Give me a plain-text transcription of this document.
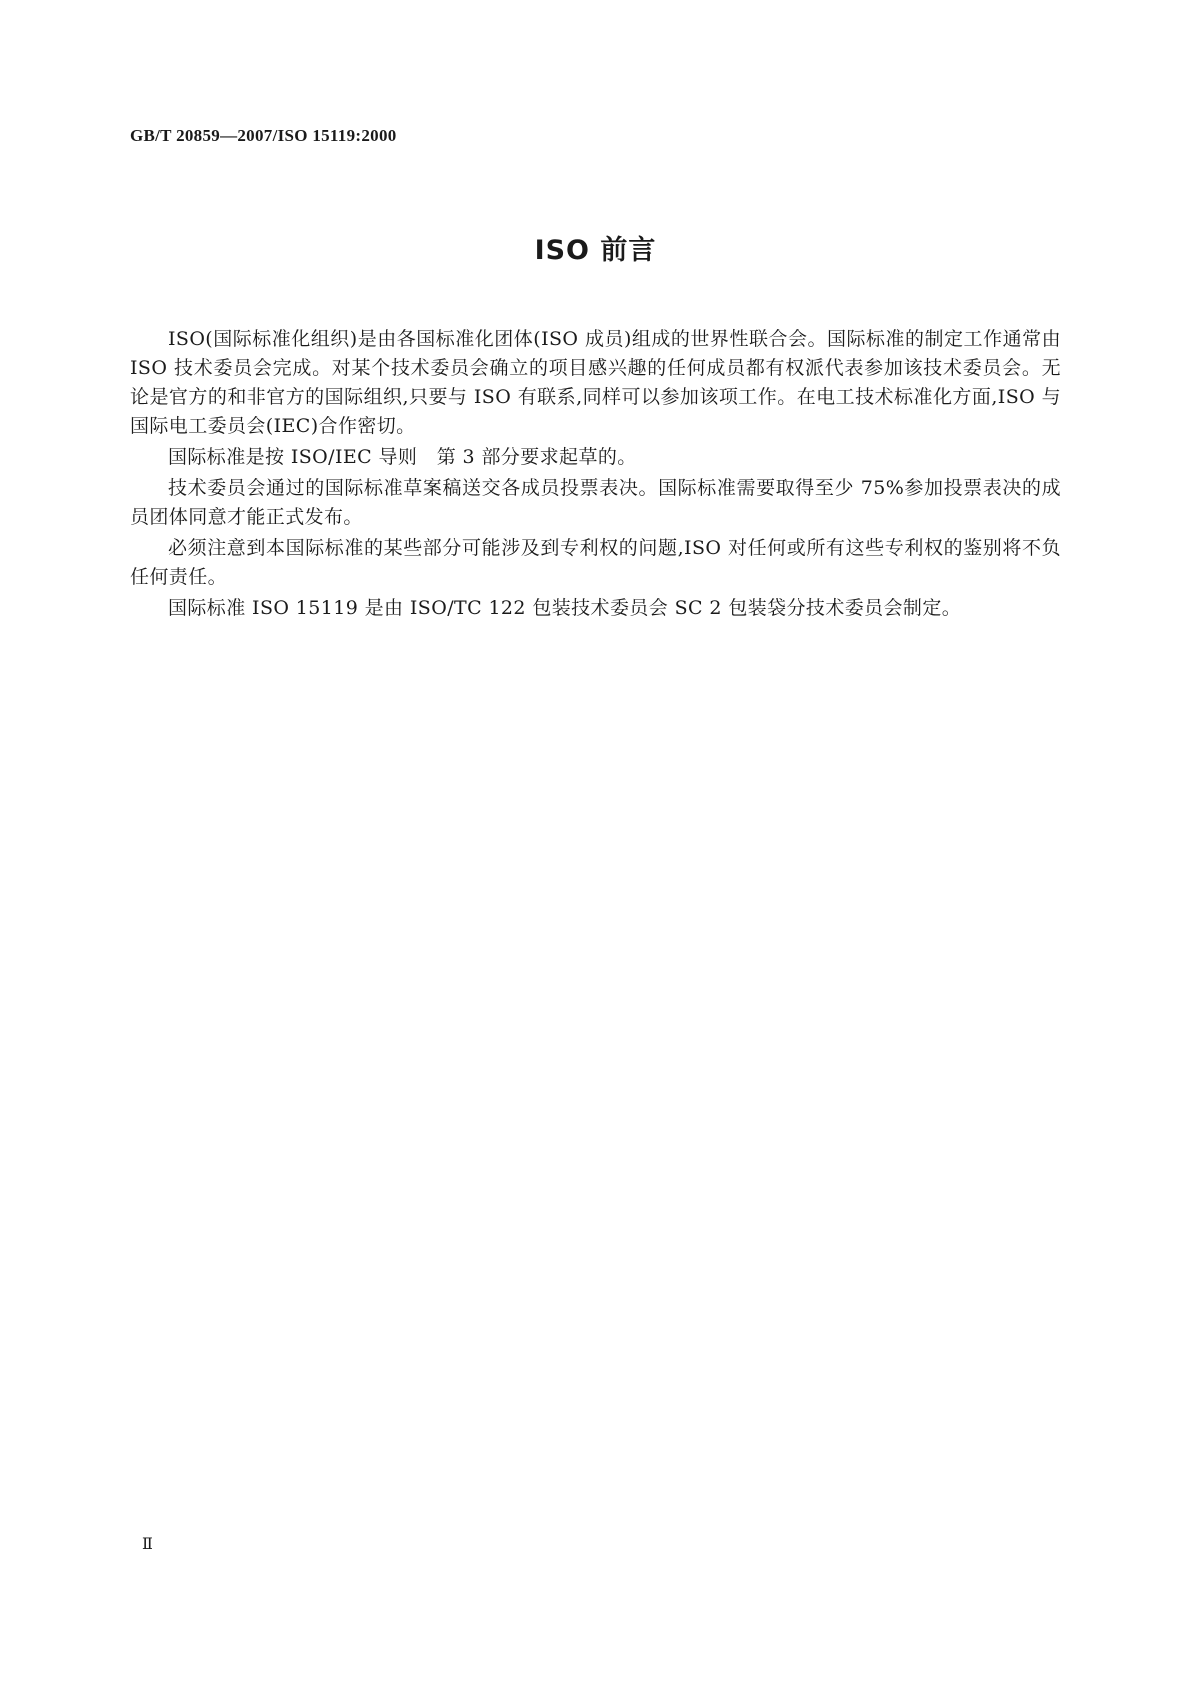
GB/T 20859—2007/ISO 15119:2000
ISO 前言

ISO(国际标准化组织)是由各国标准化团体(ISO 成员)组成的世界性联合会。国际标准的制定工作通常由 ISO 技术委员会完成。对某个技术委员会确立的项目感兴趣的任何成员都有权派代表参加该技术委员会。无论是官方的和非官方的国际组织,只要与 ISO 有联系,同样可以参加该项工作。在电工技术标准化方面,ISO 与国际电工委员会(IEC)合作密切。

国际标准是按 ISO/IEC 导则　第 3 部分要求起草的。

技术委员会通过的国际标准草案稿送交各成员投票表决。国际标准需要取得至少 75%参加投票表决的成员团体同意才能正式发布。

必须注意到本国际标准的某些部分可能涉及到专利权的问题,ISO 对任何或所有这些专利权的鉴别将不负任何责任。

国际标准 ISO 15119 是由 ISO/TC 122 包装技术委员会 SC 2 包装袋分技术委员会制定。

Ⅱ
